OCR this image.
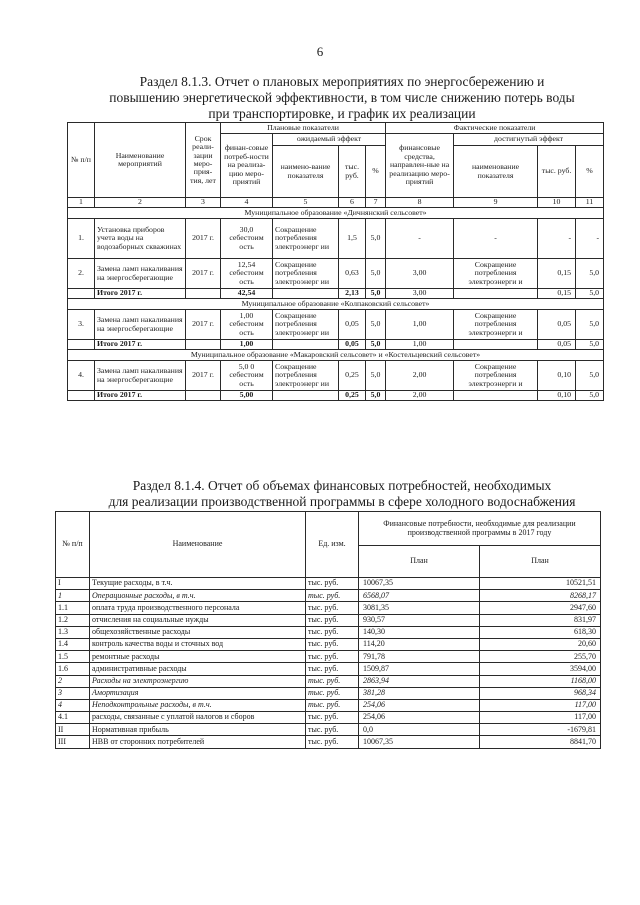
6
Раздел 8.1.3. Отчет о плановых мероприятиях по энергосбережению и
повышению энергетической эффективности, в том числе снижению потерь воды
при транспортировке, и график их реализации
№ п/п	Наименование мероприятий	Срок реали-зации меро-прия-тия, лет	Плановые показатели				Фактические показатели			
			финан-совые потреб-ности на реализа-цию меро-приятий	ожидаемый эффект			финансовые средства, направлен-ные на реализацию меро-приятий	достигнутый эффект		
				наимено-вание показателя	тыс. руб.	%		наименование показателя	тыс. руб.	%
1	2	3	4	5	6	7	8	9	10	11
Муниципальное образование «Дичнянский сельсовет»										
1.	Установка приборов учета воды на водозаборных скважинах	2017 г.	30,0 себестоим ость	Сокращение потребления электроэнерг ии	1,5	5,0	-	-	-	-
2.	Замена ламп накаливания на энергосберегающие	2017 г.	12,54 себестоим ость	Сокращение потребления электроэнерг ии	0,63	5,0	3,00	Сокращение потребления электроэнерги и	0,15	5,0
	Итого 2017 г.		42,54		2,13	5,0	3,00		0,15	5,0
Муниципальное образование «Колпаковский сельсовет»										
3.	Замена ламп накаливания на энергосберегающие	2017 г.	1,00 себестоим ость	Сокращение потребления электроэнерг ии	0,05	5,0	1,00	Сокращение потребления электроэнерги и	0,05	5,0
	Итого 2017 г.		1,00		0,05	5,0	1,00		0,05	5,0
Муниципальное образование «Макаровский сельсовет» и «Костельцевский сельсовет»										
4.	Замена ламп накаливания на энергосберегающие	2017 г.	5,0 0 себестоим ость	Сокращение потребления электроэнерг ии	0,25	5,0	2,00	Сокращение потребления электроэнерги и	0,10	5,0
	Итого 2017 г.		5,00		0,25	5,0	2,00		0,10	5,0
Раздел 8.1.4. Отчет об объемах финансовых потребностей, необходимых
для реализации производственной программы в сфере холодного водоснабжения
№ п/п	Наименование	Ед. изм.	Финансовые потребности, необходимые для реализации производственной программы в 2017 году	
			План	План
I	Текущие расходы, в т.ч.	тыс. руб.	10067,35	10521,51
1	Операционные расходы, в т.ч.	тыс. руб.	6568,07	8268,17
1.1	оплата труда производственного персонала	тыс. руб.	3081,35	2947,60
1.2	отчисления на социальные нужды	тыс. руб.	930,57	831,97
1.3	общехозяйственные расходы	тыс. руб.	140,30	618,30
1.4	контроль качества воды и сточных вод	тыс. руб.	114,20	20,60
1.5	ремонтные расходы	тыс. руб.	791,78	255,70
1.6	административные расходы	тыс. руб.	1509,87	3594,00
2	Расходы на электроэнергию	тыс. руб.	2863,94	1168,00
3	Амортизация	тыс. руб.	381,28	968,34
4	Неподконтрольные расходы, в т.ч.	тыс. руб.	254,06	117,00
4.1	расходы, связанные с уплатой налогов и сборов	тыс. руб.	254,06	117,00
II	Нормативная прибыль	тыс. руб.	0,0	-1679,81
III	НВВ от сторонних потребителей	тыс. руб.	10067,35	8841,70
